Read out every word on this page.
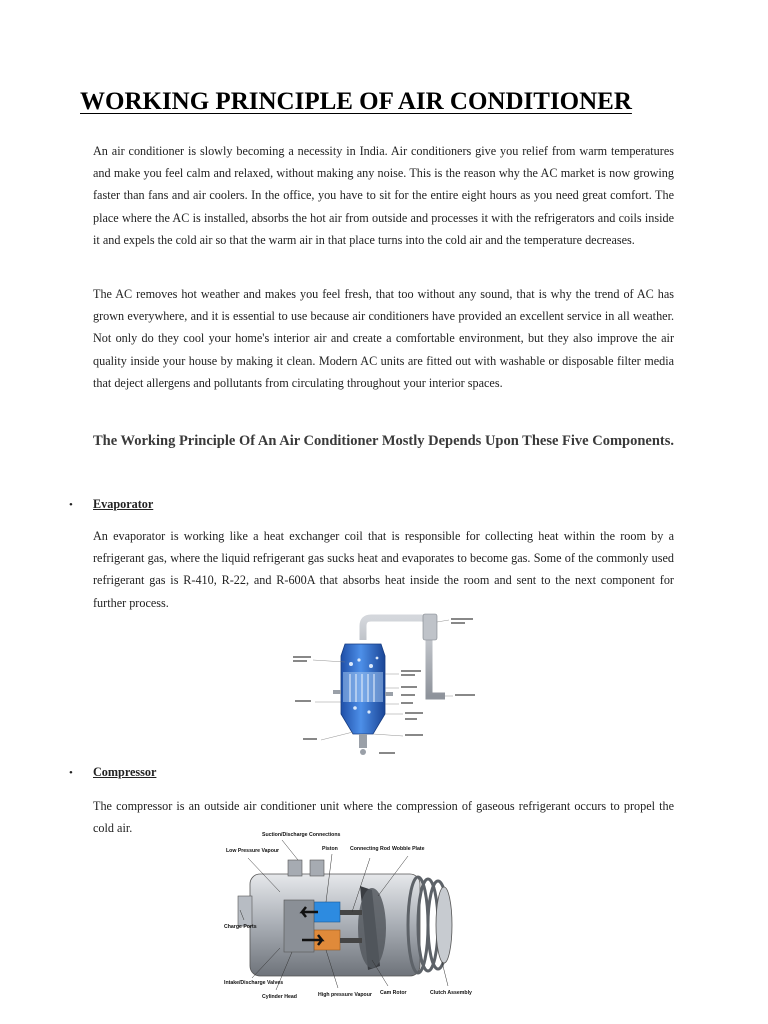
WORKING PRINCIPLE OF AIR CONDITIONER

An air conditioner is slowly becoming a necessity in India. Air conditioners give you relief from warm temperatures and make you feel calm and relaxed, without making any noise. This is the reason why the AC market is now growing faster than fans and air coolers. In the office, you have to sit for the entire eight hours as you need great comfort. The place where the AC is installed, absorbs the hot air from outside and processes it with the refrigerators and coils inside it and expels the cold air so that the warm air in that place turns into the cold air and the temperature decreases.

The AC removes hot weather and makes you feel fresh, that too without any sound, that is why the trend of AC has grown everywhere, and it is essential to use because air conditioners have provided an excellent service in all weather. Not only do they cool your home's interior air and create a comfortable environment, but they also improve the air quality inside your house by making it clean. Modern AC units are fitted out with washable or disposable filter media that deject allergens and pollutants from circulating throughout your interior spaces.

The Working Principle Of An Air Conditioner Mostly Depends Upon These Five Components.
• Evaporator

An evaporator is working like a heat exchanger coil that is responsible for collecting heat within the room by a refrigerant gas, where the liquid refrigerant gas sucks heat and evaporates to become gas. Some of the commonly used refrigerant gas is R-410, R-22, and R-600A that absorbs heat inside the room and sent to the next component for further process.

• Compressor

The compressor is an outside air conditioner unit where the compression of gaseous refrigerant occurs to propel the cold air.	Suction/Discharge Connections
Low Pressure Vapour	Piston Connecting Rod Wobble Plate
Charge Ports
Intake/Discharge Valves
Cylinder Head	High pressure Vapour Cam Rotor	Clutch Assembly
